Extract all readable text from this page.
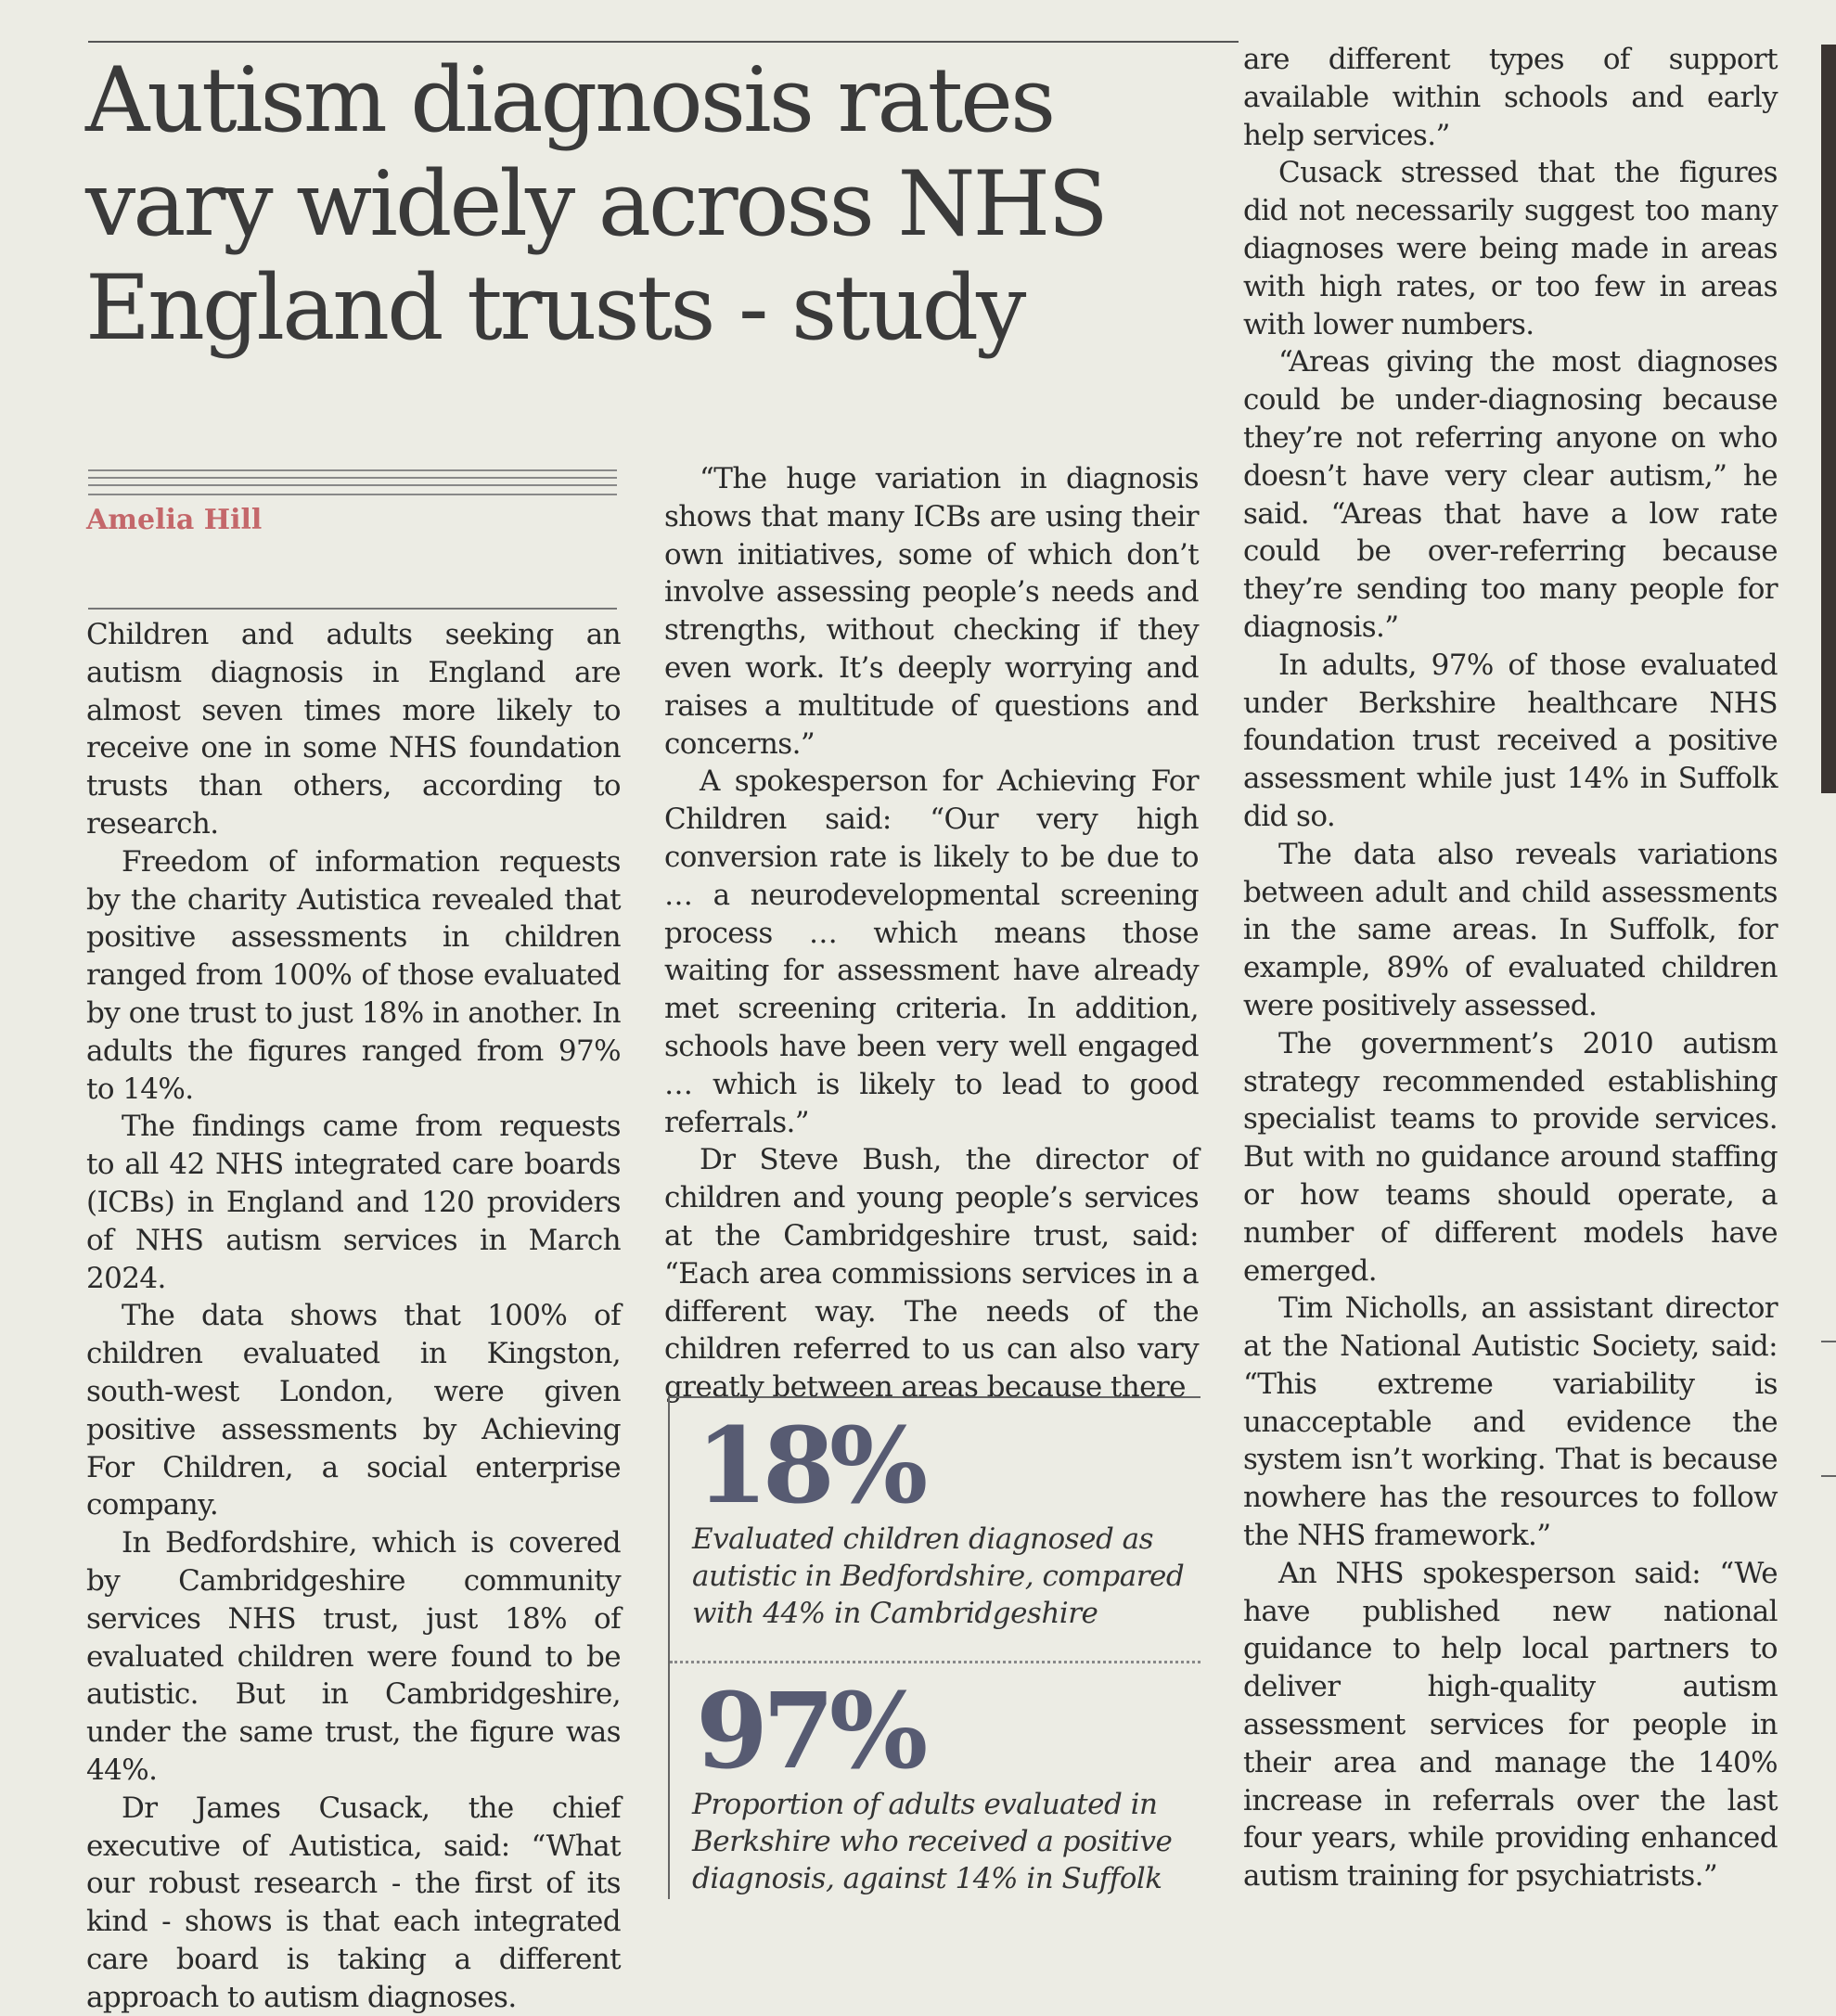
Autism diagnosis rates vary widely across NHS England trusts - study
Amelia Hill

Children and adults seeking an autism diagnosis in England are almost seven times more likely to receive one in some NHS foundation trusts than others, according to research.

Freedom of information requests by the charity Autistica revealed that positive assessments in children ranged from 100% of those evaluated by one trust to just 18% in another. In adults the figures ranged from 97% to 14%.

The findings came from requests to all 42 NHS integrated care boards (ICBs) in England and 120 providers of NHS autism services in March 2024.

The data shows that 100% of children evaluated in Kingston, south-west London, were given positive assessments by Achieving For Children, a social enterprise company.

In Bedfordshire, which is covered by Cambridgeshire community services NHS trust, just 18% of evaluated children were found to be autistic. But in Cambridgeshire, under the same trust, the figure was 44%.

Dr James Cusack, the chief executive of Autistica, said: “What our robust research - the first of its kind - shows is that each integrated care board is taking a different approach to autism diagnoses.

“The huge variation in diagnosis shows that many ICBs are using their own initiatives, some of which don’t involve assessing people’s needs and strengths, without checking if they even work. It’s deeply worrying and raises a multitude of questions and concerns.”

A spokesperson for Achieving For Children said: “Our very high conversion rate is likely to be due to … a neurodevelopmental screening process … which means those waiting for assessment have already met screening criteria. In addition, schools have been very well engaged … which is likely to lead to good referrals.”

Dr Steve Bush, the director of children and young people’s services at the Cambridgeshire trust, said: “Each area commissions services in a different way. The needs of the children referred to us can also vary greatly between areas because there

18%
Evaluated children diagnosed as autistic in Bedfordshire, compared with 44% in Cambridgeshire
97%
Proportion of adults evaluated in Berkshire who received a positive diagnosis, against 14% in Suffolk

are different types of support available within schools and early help services.”

Cusack stressed that the figures did not necessarily suggest too many diagnoses were being made in areas with high rates, or too few in areas with lower numbers.

“Areas giving the most diagnoses could be under-diagnosing because they’re not referring anyone on who doesn’t have very clear autism,” he said. “Areas that have a low rate could be over-referring because they’re sending too many people for diagnosis.”

In adults, 97% of those evaluated under Berkshire healthcare NHS foundation trust received a positive assessment while just 14% in Suffolk did so.

The data also reveals variations between adult and child assessments in the same areas. In Suffolk, for example, 89% of evaluated children were positively assessed.

The government’s 2010 autism strategy recommended establishing specialist teams to provide services. But with no guidance around staffing or how teams should operate, a number of different models have emerged.

Tim Nicholls, an assistant director at the National Autistic Society, said: “This extreme variability is unacceptable and evidence the system isn’t working. That is because nowhere has the resources to follow the NHS framework.”

An NHS spokesperson said: “We have published new national guidance to help local partners to deliver high-quality autism assessment services for people in their area and manage the 140% increase in referrals over the last four years, while providing enhanced autism training for psychiatrists.”
